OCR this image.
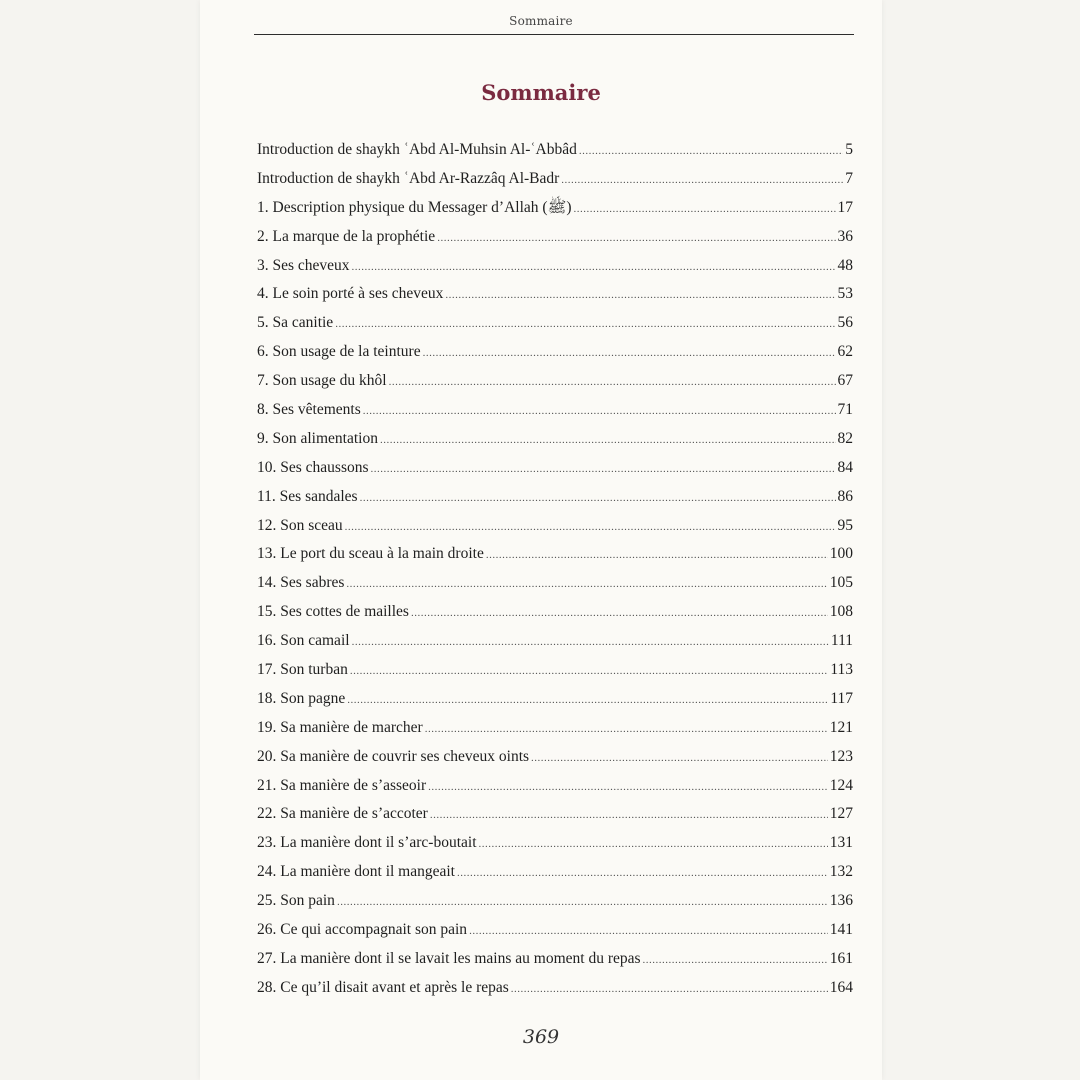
Sommaire
Sommaire
Introduction de shaykh ʿAbd Al-Muhsin Al-ʿAbbâd .....	5
Introduction de shaykh ʿAbd Ar-Razzâq Al-Badr .....	7
1. Description physique du Messager d’Allah (ﷺ) .....	17
2. La marque de la prophétie .....	36
3. Ses cheveux .....	48
4. Le soin porté à ses cheveux .....	53
5. Sa canitie .....	56
6. Son usage de la teinture .....	62
7. Son usage du khôl .....	67
8. Ses vêtements .....	71
9. Son alimentation .....	82
10. Ses chaussons .....	84
11. Ses sandales .....	86
12. Son sceau .....	95
13. Le port du sceau à la main droite .....	100
14. Ses sabres .....	105
15. Ses cottes de mailles .....	108
16. Son camail .....	111
17. Son turban .....	113
18. Son pagne .....	117
19. Sa manière de marcher .....	121
20. Sa manière de couvrir ses cheveux oints .....	123
21. Sa manière de s’asseoir .....	124
22. Sa manière de s’accoter .....	127
23. La manière dont il s’arc-boutait .....	131
24. La manière dont il mangeait .....	132
25. Son pain .....	136
26. Ce qui accompagnait son pain .....	141
27. La manière dont il se lavait les mains au moment du repas .....	161
28. Ce qu’il disait avant et après le repas .....	164
369
